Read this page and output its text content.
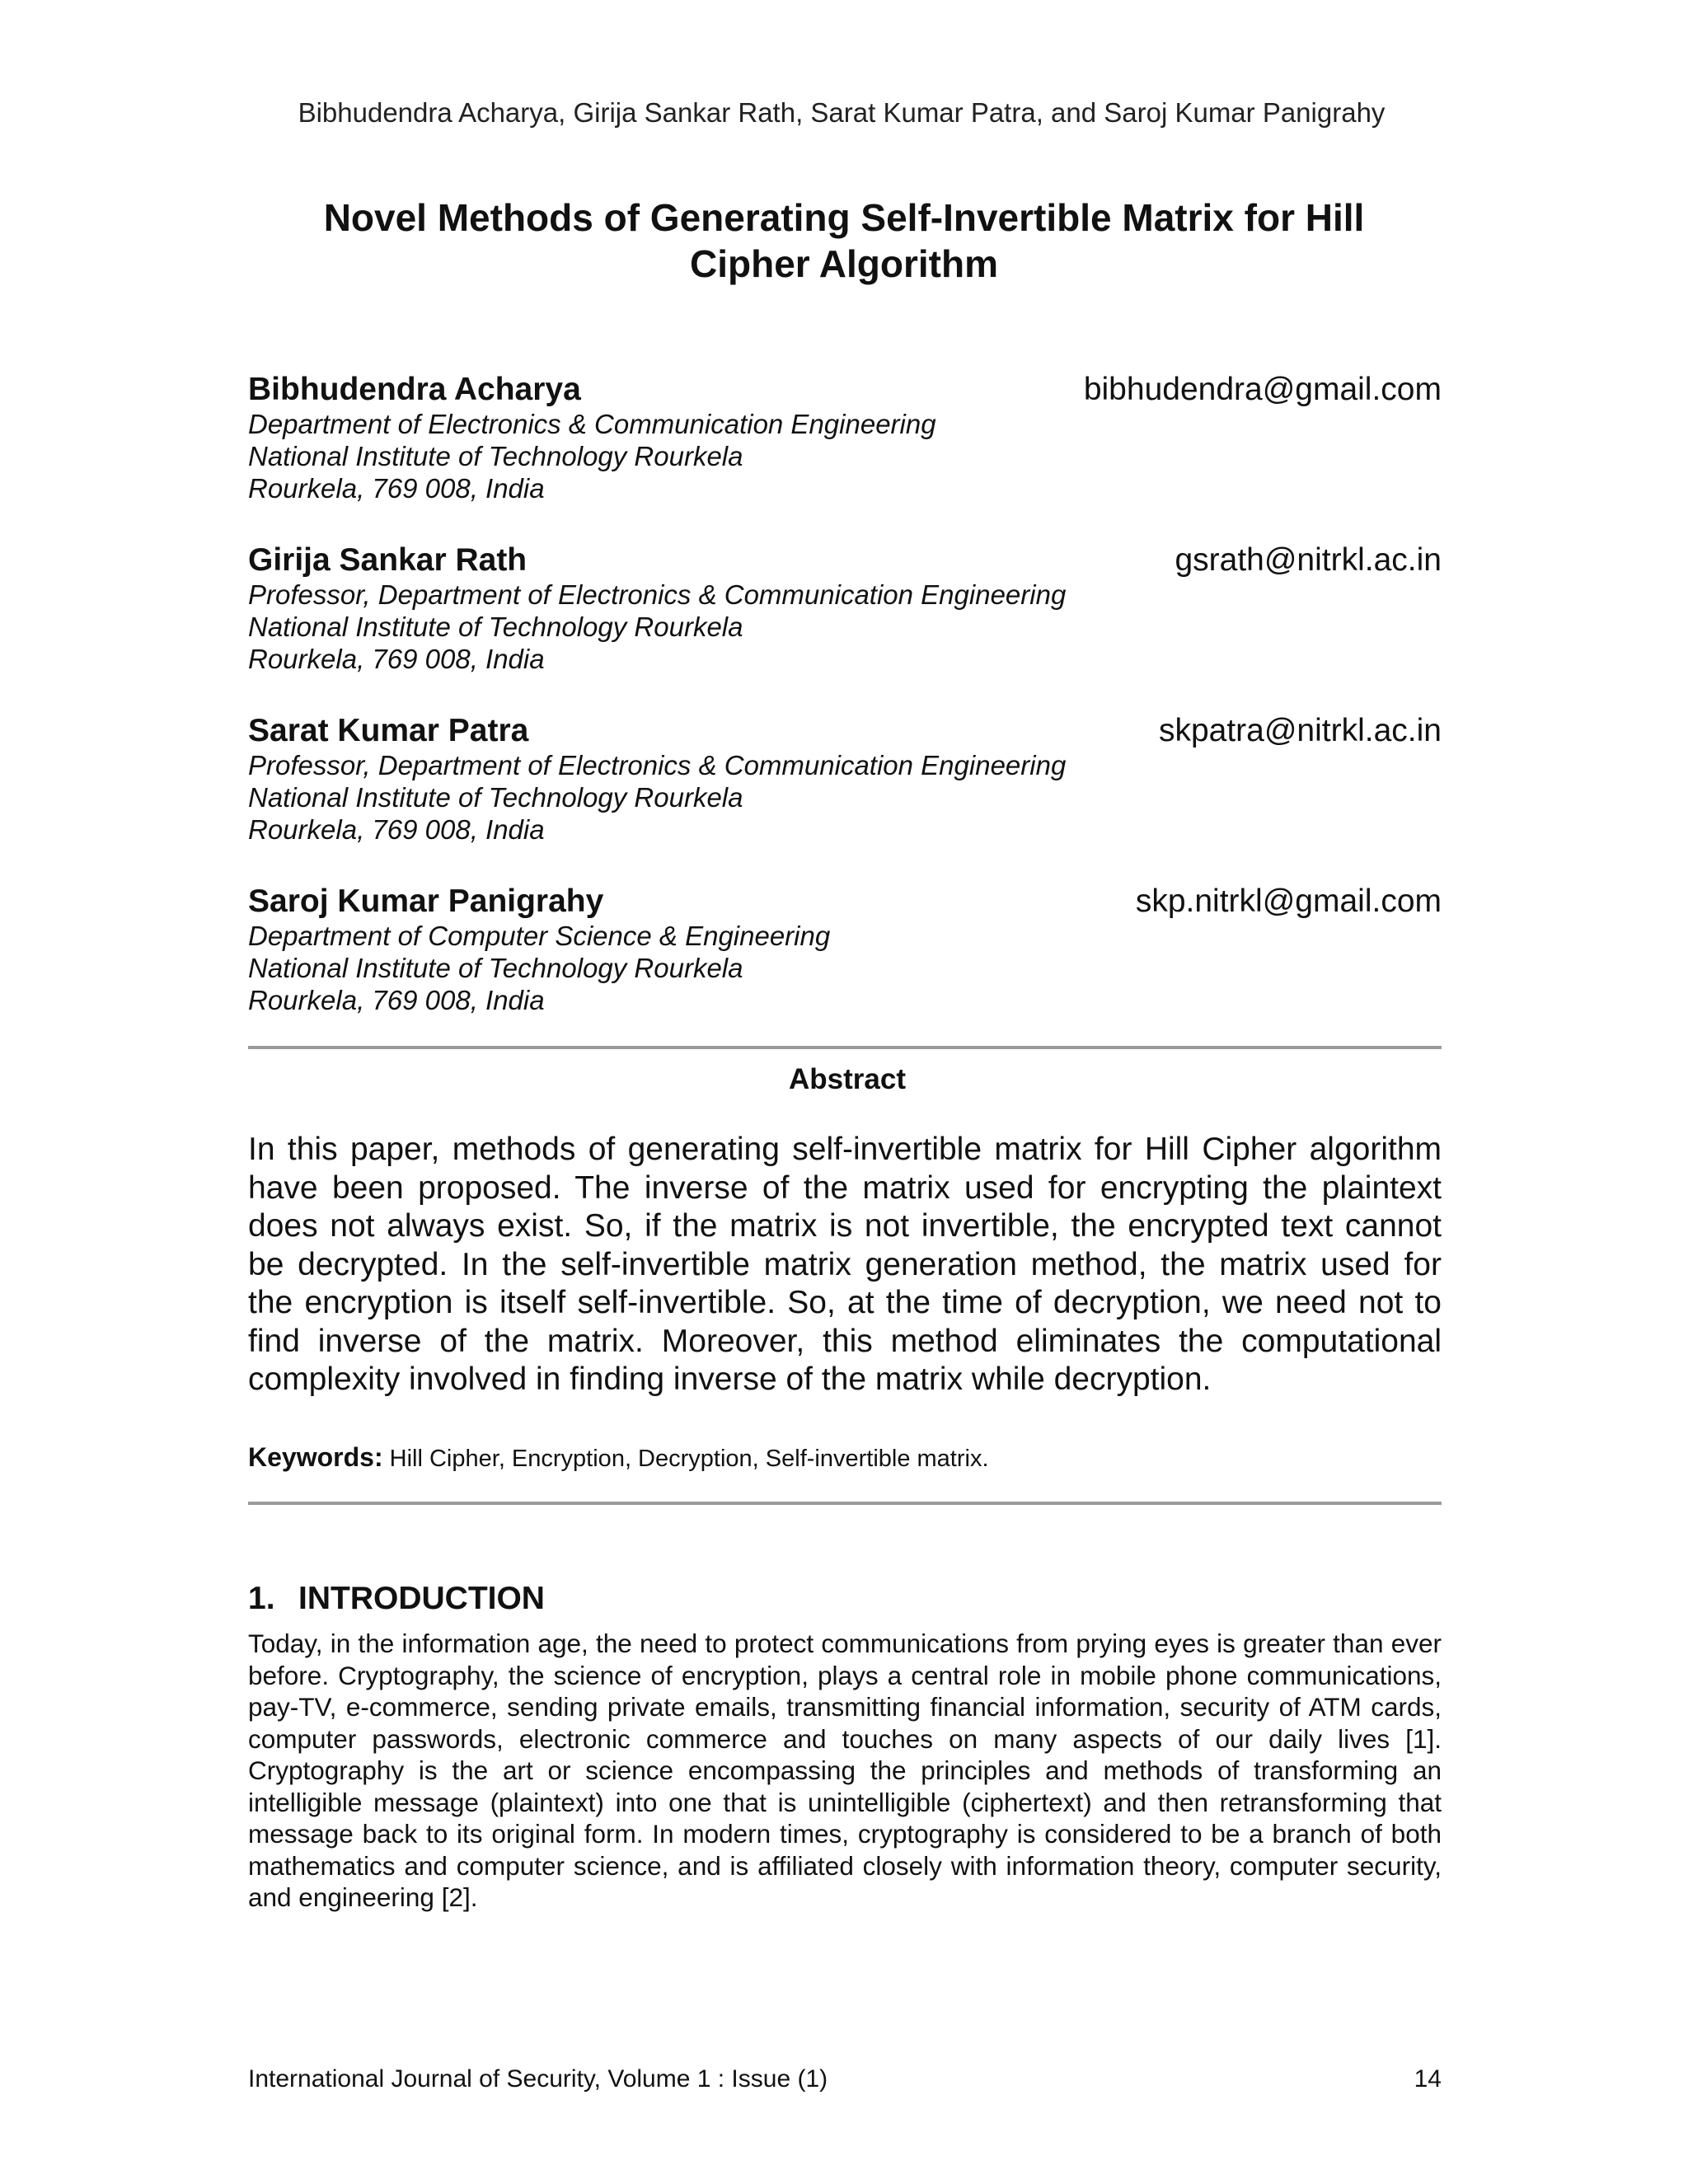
Bibhudendra Acharya, Girija Sankar Rath, Sarat Kumar Patra, and Saroj Kumar Panigrahy
Novel Methods of Generating Self-Invertible Matrix for Hill
Cipher Algorithm
Bibhudendra Acharya	bibhudendra@gmail.com
Department of Electronics & Communication Engineering
National Institute of Technology Rourkela
Rourkela, 769 008, India
Girija Sankar Rath	gsrath@nitrkl.ac.in
Professor, Department of Electronics & Communication Engineering
National Institute of Technology Rourkela
Rourkela, 769 008, India
Sarat Kumar Patra	skpatra@nitrkl.ac.in
Professor, Department of Electronics & Communication Engineering
National Institute of Technology Rourkela
Rourkela, 769 008, India
Saroj Kumar Panigrahy	skp.nitrkl@gmail.com
Department of Computer Science & Engineering
National Institute of Technology Rourkela
Rourkela, 769 008, India
Abstract
In this paper, methods of generating self-invertible matrix for Hill Cipher algorithm have been proposed. The inverse of the matrix used for encrypting the plaintext does not always exist. So, if the matrix is not invertible, the encrypted text cannot be decrypted. In the self-invertible matrix generation method, the matrix used for the encryption is itself self-invertible. So, at the time of decryption, we need not to find inverse of the matrix. Moreover, this method eliminates the computational complexity involved in finding inverse of the matrix while decryption.
Keywords: Hill Cipher, Encryption, Decryption, Self-invertible matrix.
1. INTRODUCTION
Today, in the information age, the need to protect communications from prying eyes is greater than ever before. Cryptography, the science of encryption, plays a central role in mobile phone communications, pay-TV, e-commerce, sending private emails, transmitting financial information, security of ATM cards, computer passwords, electronic commerce and touches on many aspects of our daily lives [1]. Cryptography is the art or science encompassing the principles and methods of transforming an intelligible message (plaintext) into one that is unintelligible (ciphertext) and then retransforming that message back to its original form. In modern times, cryptography is considered to be a branch of both mathematics and computer science, and is affiliated closely with information theory, computer security, and engineering [2].
International Journal of Security, Volume 1 : Issue (1)	14
